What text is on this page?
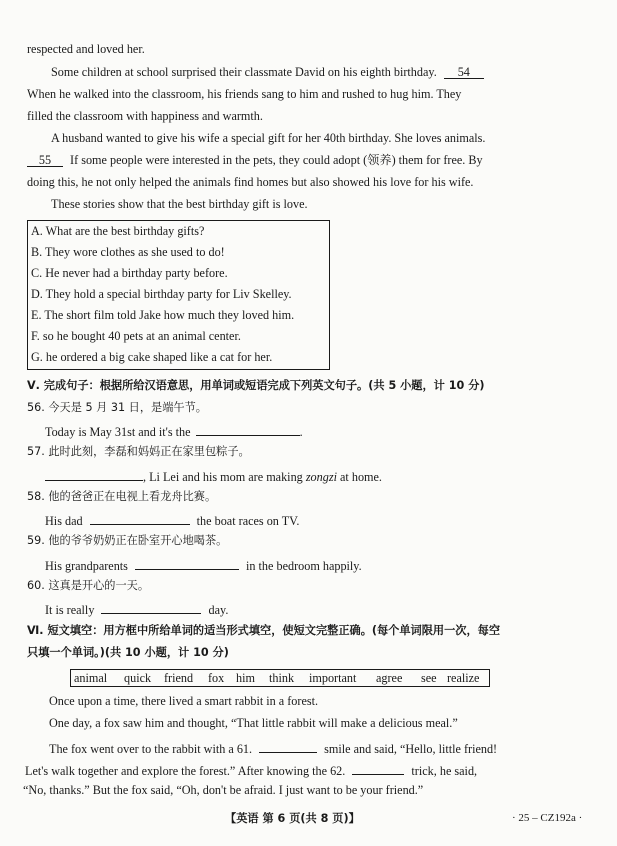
respected and loved her.
Some children at school surprised their classmate David on his eighth birthday. 54
When he walked into the classroom, his friends sang to him and rushed to hug him. They
filled the classroom with happiness and warmth.
A husband wanted to give his wife a special gift for her 40th birthday. She loves animals.
55 If some people were interested in the pets, they could adopt (领养) them for free. By
doing this, he not only helped the animals find homes but also showed his love for his wife.
These stories show that the best birthday gift is love.
A. What are the best birthday gifts?
B. They wore clothes as she used to do!
C. He never had a birthday party before.
D. They hold a special birthday party for Liv Skelley.
E. The short film told Jake how much they loved him.
F. so he bought 40 pets at an animal center.
G. he ordered a big cake shaped like a cat for her.
Ⅴ. 完成句子：根据所给汉语意思，用单词或短语完成下列英文句子。(共 5 小题，计 10 分)
56. 今天是 5 月 31 日，是端午节。
Today is May 31st and it's the	.
57. 此时此刻，李磊和妈妈正在家里包粽子。
, Li Lei and his mom are making zongzi at home.
58. 他的爸爸正在电视上看龙舟比赛。
His dad	the boat races on TV.
59. 他的爷爷奶奶正在卧室开心地喝茶。
His grandparents	in the bedroom happily.
60. 这真是开心的一天。
It is really	day.
Ⅵ. 短文填空：用方框中所给单词的适当形式填空，使短文完整正确。(每个单词限用一次，每空
只填一个单词。)(共 10 小题，计 10 分)
animal quick friend fox him think important agree see realize
Once upon a time, there lived a smart rabbit in a forest.
One day, a fox saw him and thought, “That little rabbit will make a delicious meal.”
The fox went over to the rabbit with a 61.	smile and said, “Hello, little friend!
Let's walk together and explore the forest.” After knowing the 62.	trick, he said,
“No, thanks.” But the fox said, “Oh, don't be afraid. I just want to be your friend.”
【英语 第 6 页(共 8 页)】	· 25 – CZ192a ·
